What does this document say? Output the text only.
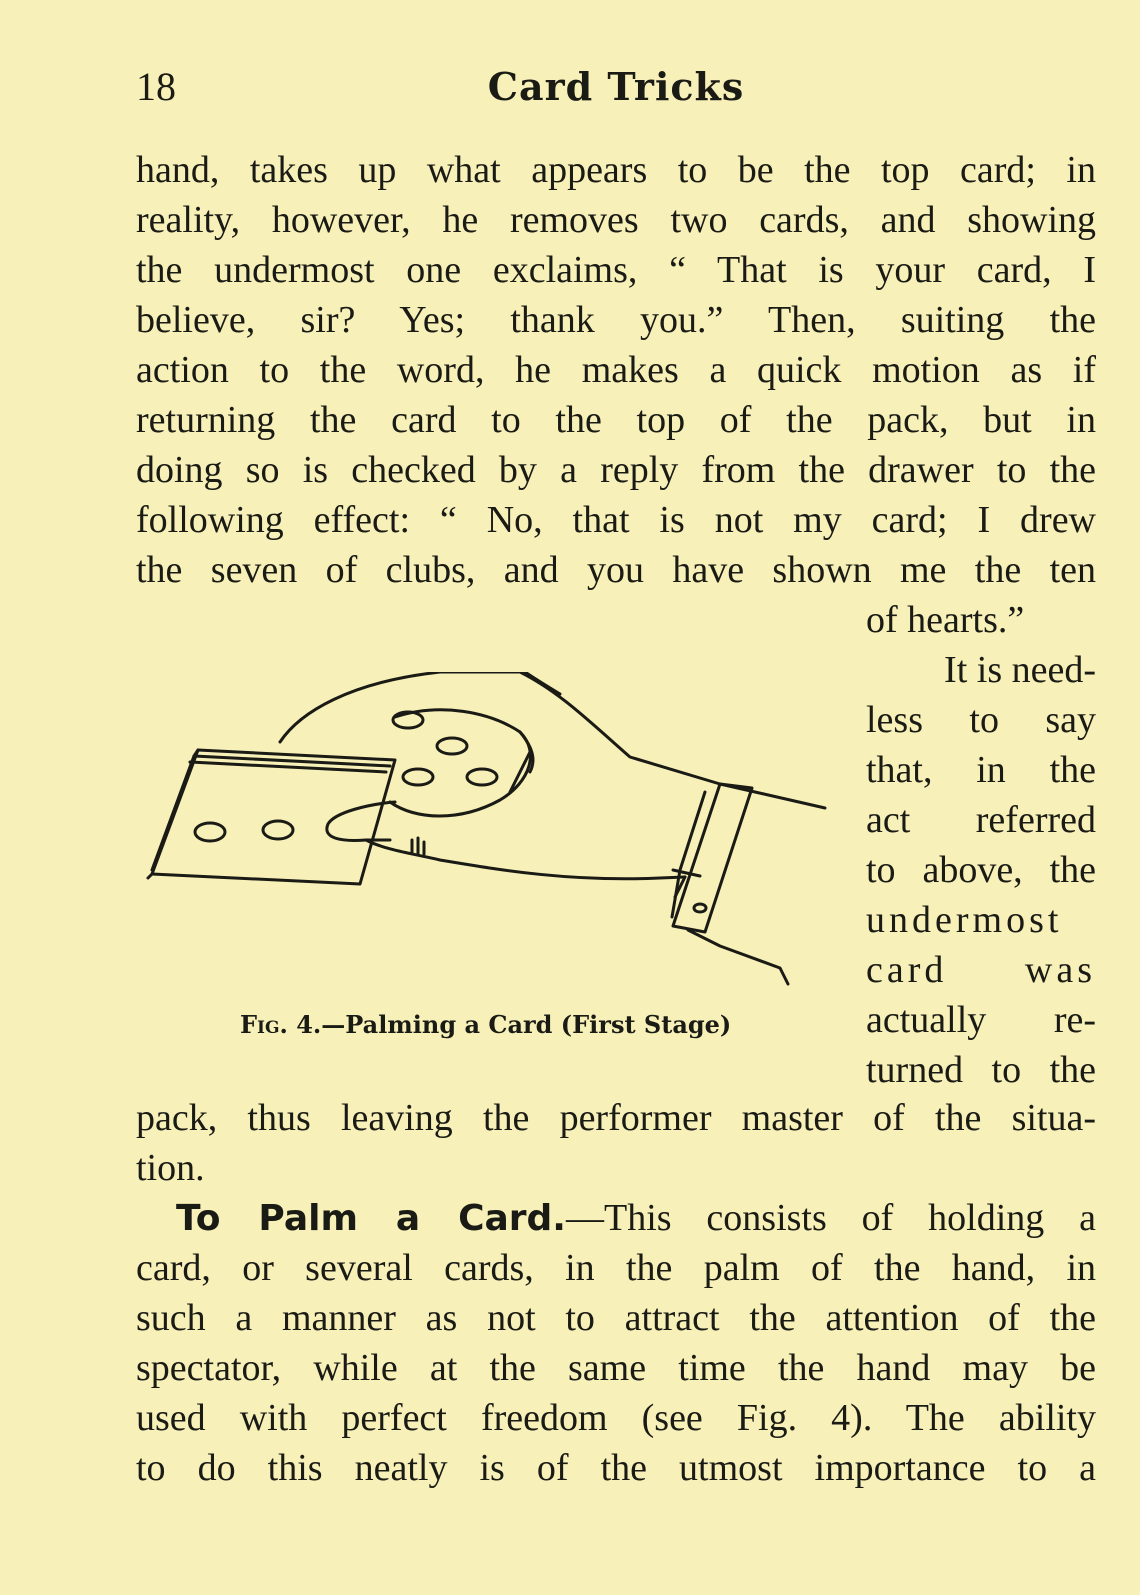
18	Card Tricks
hand, takes up what appears to be the top card; in
reality, however, he removes two cards, and showing
the undermost one exclaims, “ That is your card, I
believe, sir? Yes; thank you.” Then, suiting the
action to the word, he makes a quick motion as if
returning the card to the top of the pack, but in
doing so is checked by a reply from the drawer to the
following effect: “ No, that is not my card; I drew
the seven of clubs, and you have shown me the ten
of hearts.”
It is need-
less to say
that, in the
act referred
to above, the
undermost
card was
actually re-
turned to the
Fig. 4.—Palming a Card (First Stage)
pack, thus leaving the performer master of the situa-
tion.
To Palm a Card.—This consists of holding a
card, or several cards, in the palm of the hand, in
such a manner as not to attract the attention of the
spectator, while at the same time the hand may be
used with perfect freedom (see Fig. 4). The ability
to do this neatly is of the utmost importance to a
